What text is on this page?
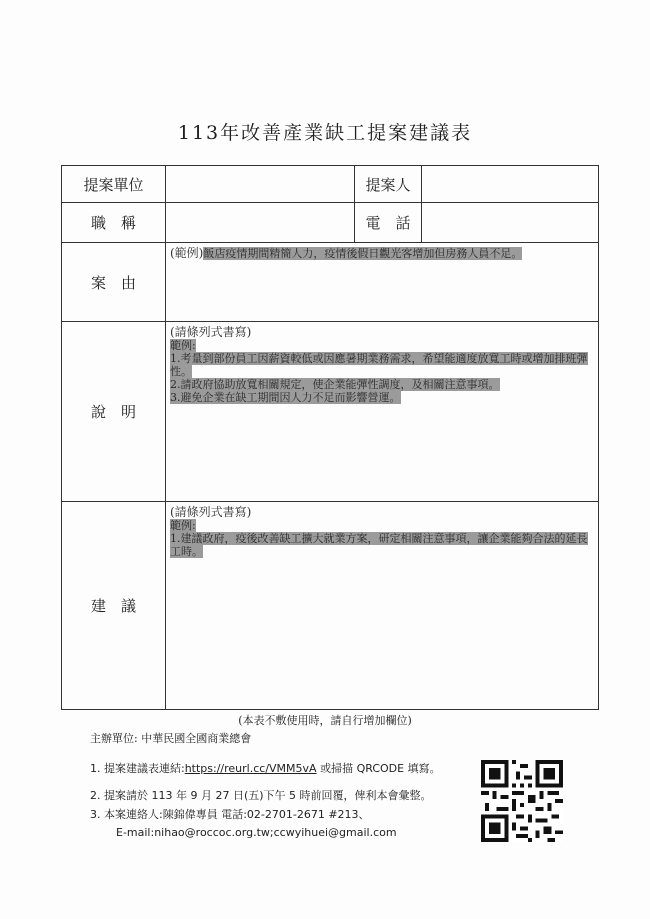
113年改善產業缺工提案建議表
提案單位	提案人
職　稱	電　話
案　由
(範例)飯店疫情期間精簡人力，疫情後假日觀光客增加但房務人員不足。
說　明
(請條列式書寫)
範例:
1.考量到部份員工因薪資較低或因應暑期業務需求，希望能適度放寬工時或增加排班彈性。
2.請政府協助放寬相關規定，使企業能彈性調度，及相關注意事項。
3.避免企業在缺工期間因人力不足而影響營運。
建　議
(請條列式書寫)
範例:
1.建議政府，疫後改善缺工擴大就業方案，研定相關注意事項，讓企業能夠合法的延長工時。
(本表不敷使用時，請自行增加欄位)
主辦單位: 中華民國全國商業總會
1. 提案建議表連結:https://reurl.cc/VMM5vA 或掃描 QRCODE 填寫。
2. 提案請於 113 年 9 月 27 日(五)下午 5 時前回覆，俾利本會彙整。
3. 本案連絡人:陳錦偉專員 電話:02-2701-2671 #213、
E-mail:nihao@roccoc.org.tw;ccwyihuei@gmail.com
